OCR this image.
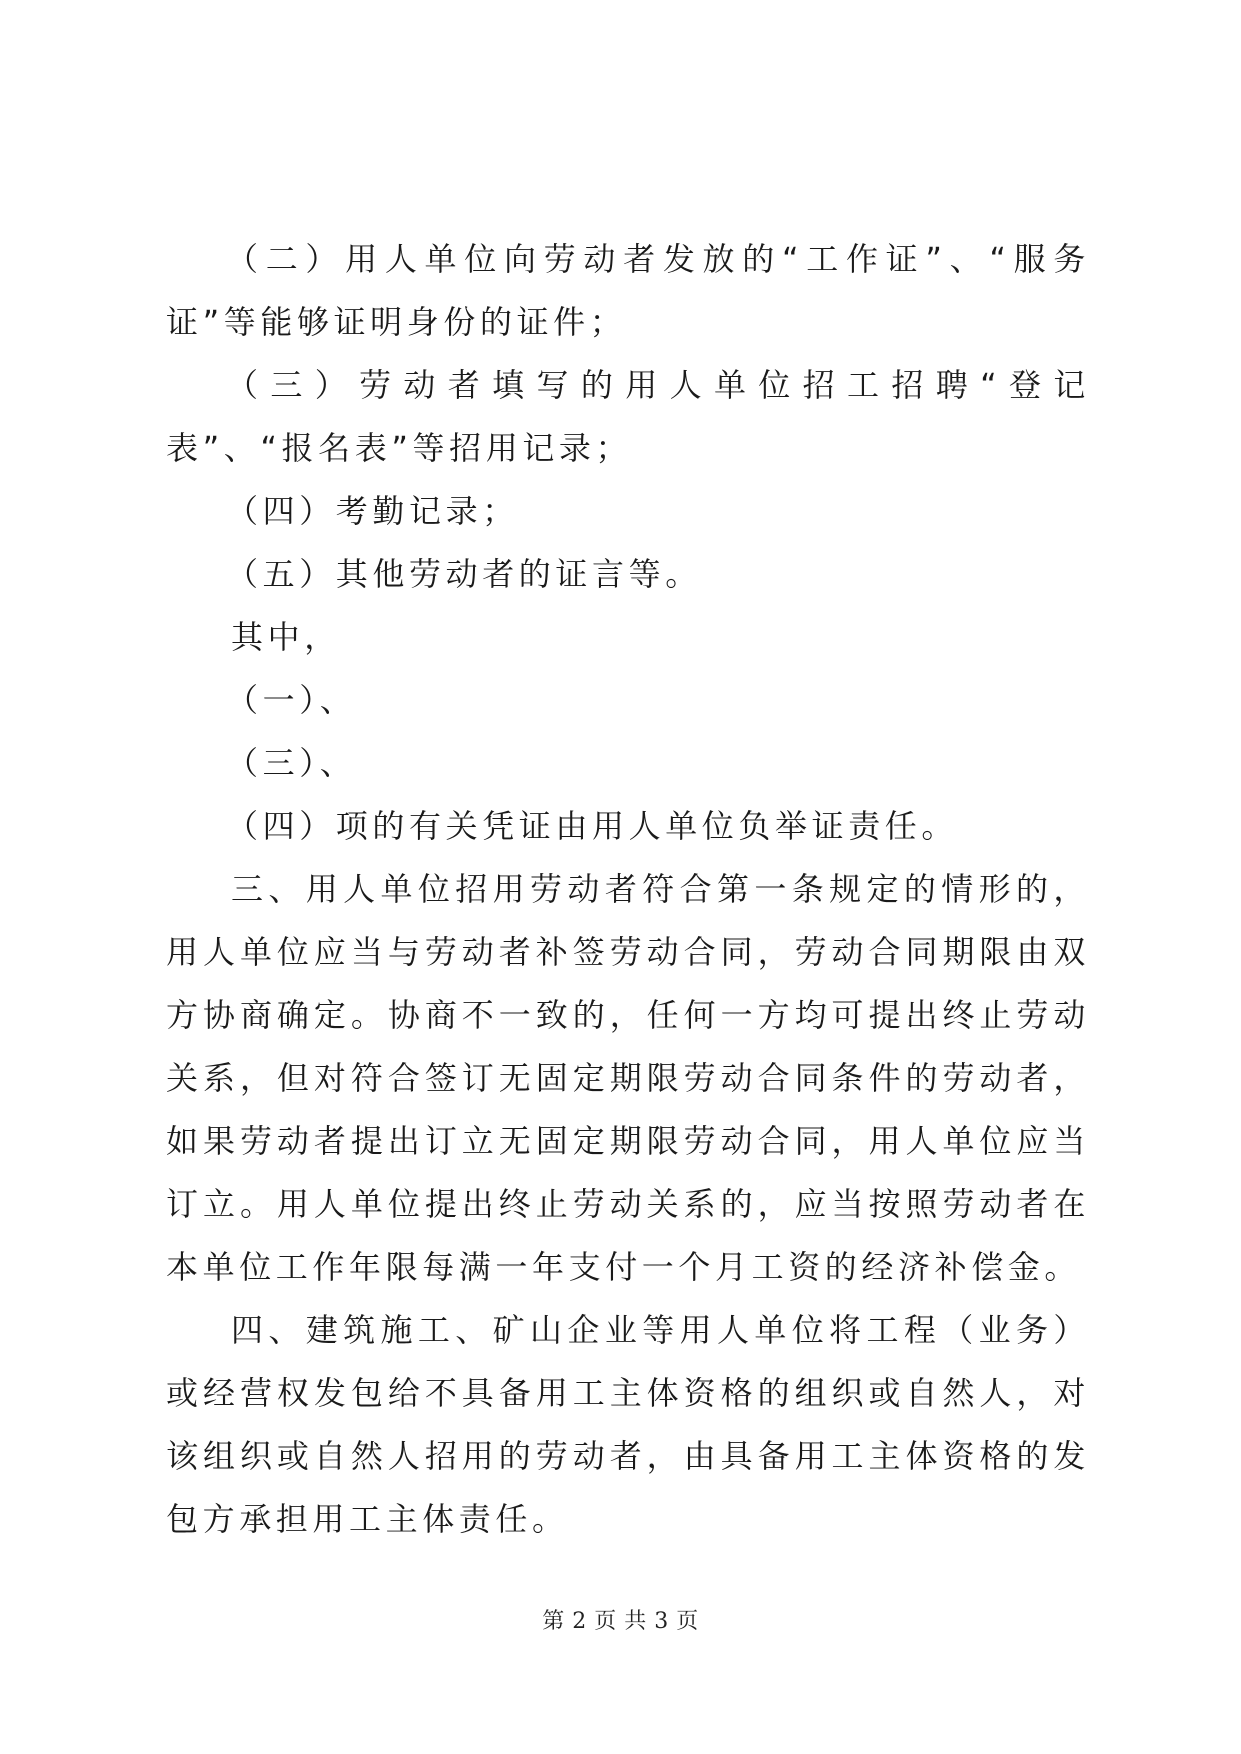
（二）用人单位向劳动者发放的“工作证”、“服务证”等能够证明身份的证件；

（三）劳动者填写的用人单位招工招聘“登记表”、“报名表”等招用记录；

（四）考勤记录；

（五）其他劳动者的证言等。

其中，

（一）、

（三）、

（四）项的有关凭证由用人单位负举证责任。

三、用人单位招用劳动者符合第一条规定的情形的，用人单位应当与劳动者补签劳动合同，劳动合同期限由双方协商确定。协商不一致的，任何一方均可提出终止劳动关系，但对符合签订无固定期限劳动合同条件的劳动者，如果劳动者提出订立无固定期限劳动合同，用人单位应当订立。用人单位提出终止劳动关系的，应当按照劳动者在本单位工作年限每满一年支付一个月工资的经济补偿金。

四、建筑施工、矿山企业等用人单位将工程（业务）或经营权发包给不具备用工主体资格的组织或自然人，对该组织或自然人招用的劳动者，由具备用工主体资格的发包方承担用工主体责任。

第 2 页 共 3 页
